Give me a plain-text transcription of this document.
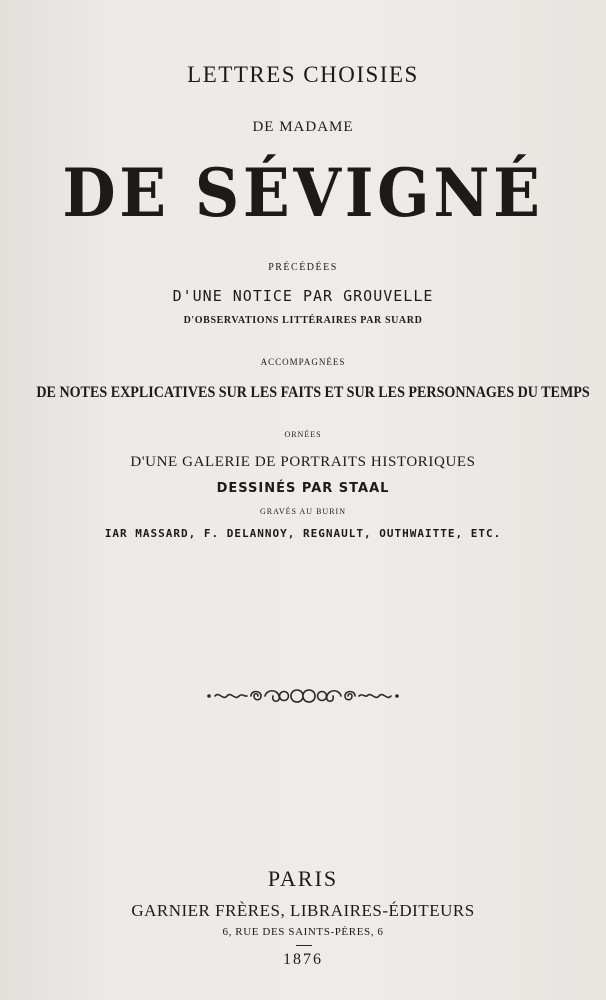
LETTRES CHOISIES
DE MADAME
DE SÉVIGNÉ
PRÉCÉDÉES
D'UNE NOTICE PAR GROUVELLE
D'OBSERVATIONS LITTÉRAIRES PAR SUARD
ACCOMPAGNÉES
DE NOTES EXPLICATIVES SUR LES FAITS ET SUR LES PERSONNAGES DU TEMPS
ORNÉES
D'UNE GALERIE DE PORTRAITS HISTORIQUES
DESSINÉS PAR STAAL
GRAVÉS AU BURIN
IAR MASSARD, F. DELANNOY, REGNAULT, OUTHWAITTE, ETC.
PARIS
GARNIER FRÈRES, LIBRAIRES-ÉDITEURS
6, RUE DES SAINTS-PÈRES, 6
1876
